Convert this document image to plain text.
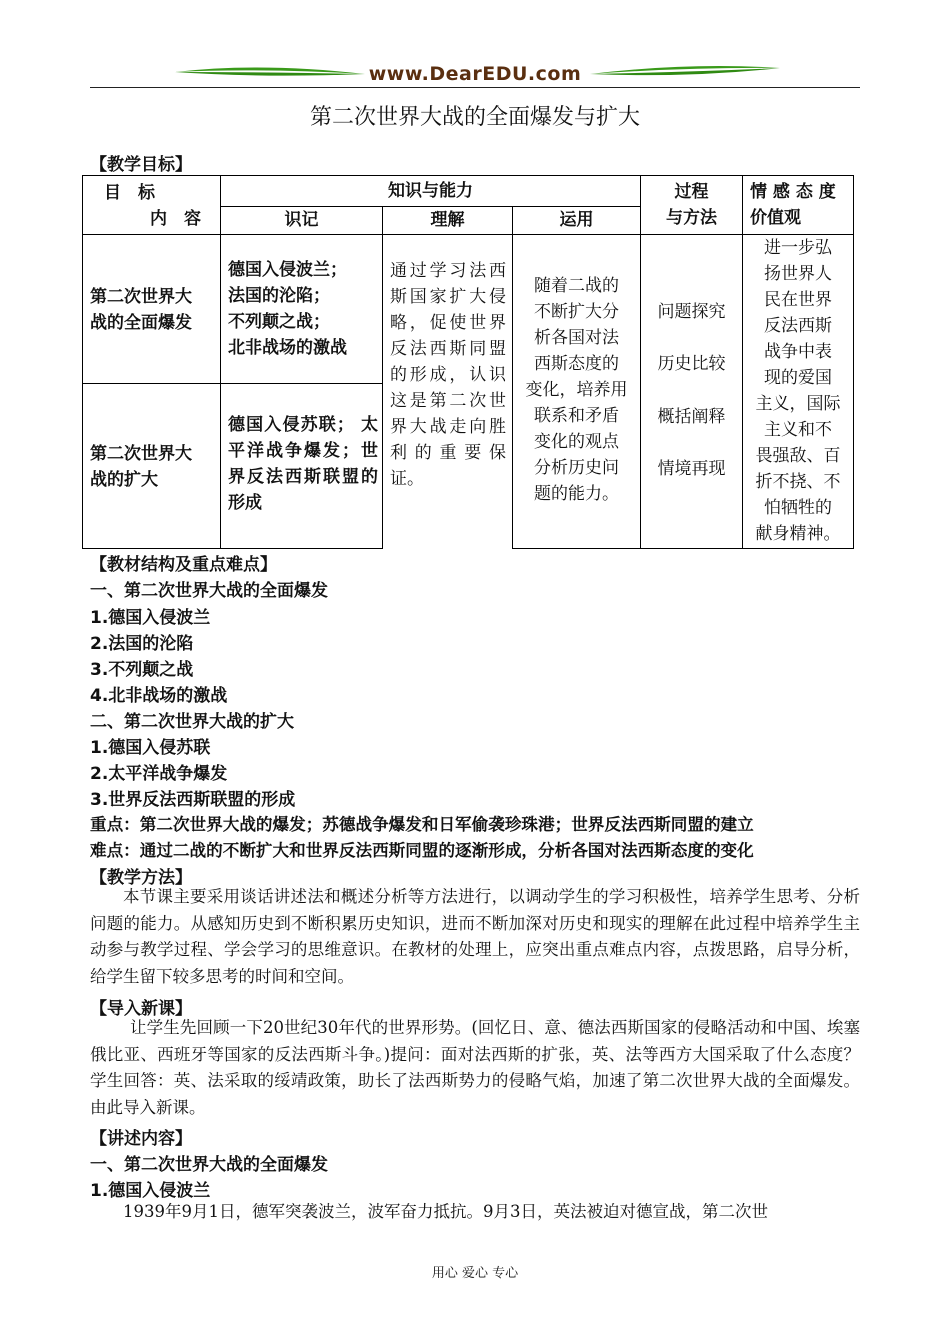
www.DearEDU.com
第二次世界大战的全面爆发与扩大
【教学目标】
目　标
内　容
知识与能力
识记	理解	运用
过程
与方法
情 感 态 度
价值观
第二次世界大
战的全面爆发
德国入侵波兰；
法国的沦陷；
不列颠之战；
北非战场的激战
第二次世界大
战的扩大
德国入侵苏联； 太平洋战争爆发；世界反法西斯联盟的形成
通过学习法西斯国家扩大侵略，促使世界反法西斯同盟的形成，认识这是第二次世界大战走向胜利的重要保证。
随着二战的
不断扩大分
析各国对法
西斯态度的
变化，培养用
联系和矛盾
变化的观点
分析历史问
题的能力。
问题探究
历史比较
概括阐释
情境再现
进一步弘
扬世界人
民在世界
反法西斯
战争中表
现的爱国
主义，国际
主义和不
畏强敌、百
折不挠、不
怕牺牲的
献身精神。
【教材结构及重点难点】
一、第二次世界大战的全面爆发
1.德国入侵波兰
2.法国的沦陷
3.不列颠之战
4.北非战场的激战
二、第二次世界大战的扩大
1.德国入侵苏联
2.太平洋战争爆发
3.世界反法西斯联盟的形成
重点：第二次世界大战的爆发；苏德战争爆发和日军偷袭珍珠港；世界反法西斯同盟的建立
难点：通过二战的不断扩大和世界反法西斯同盟的逐渐形成，分析各国对法西斯态度的变化
【教学方法】
本节课主要采用谈话讲述法和概述分析等方法进行，以调动学生的学习积极性，培养学生思考、分析问题的能力。从感知历史到不断积累历史知识，进而不断加深对历史和现实的理解在此过程中培养学生主动参与教学过程、学会学习的思维意识。在教材的处理上，应突出重点难点内容，点拨思路，启导分析，给学生留下较多思考的时间和空间。
【导入新课】
让学生先回顾一下20世纪30年代的世界形势。(回忆日、意、德法西斯国家的侵略活动和中国、埃塞俄比亚、西班牙等国家的反法西斯斗争。)提问：面对法西斯的扩张，英、法等西方大国采取了什么态度？学生回答：英、法采取的绥靖政策，助长了法西斯势力的侵略气焰，加速了第二次世界大战的全面爆发。由此导入新课。
【讲述内容】
一、第二次世界大战的全面爆发
1.德国入侵波兰
1939年9月1日，德军突袭波兰，波军奋力抵抗。9月3日，英法被迫对德宣战，第二次世
用心 爱心 专心
